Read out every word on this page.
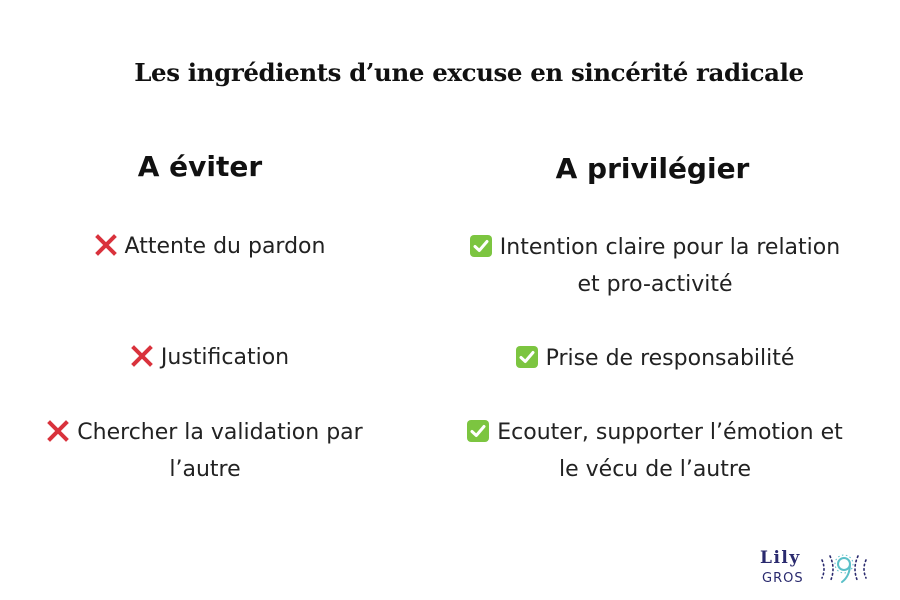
Les ingrédients d’une excuse en sincérité radicale
A éviter	A privilégier
Attente du pardon
Justification
Chercher la validation par
l’autre
Intention claire pour la relation
et pro-activité
Prise de responsabilité
Ecouter, supporter l’émotion et
le vécu de l’autre
Lily
GROS
